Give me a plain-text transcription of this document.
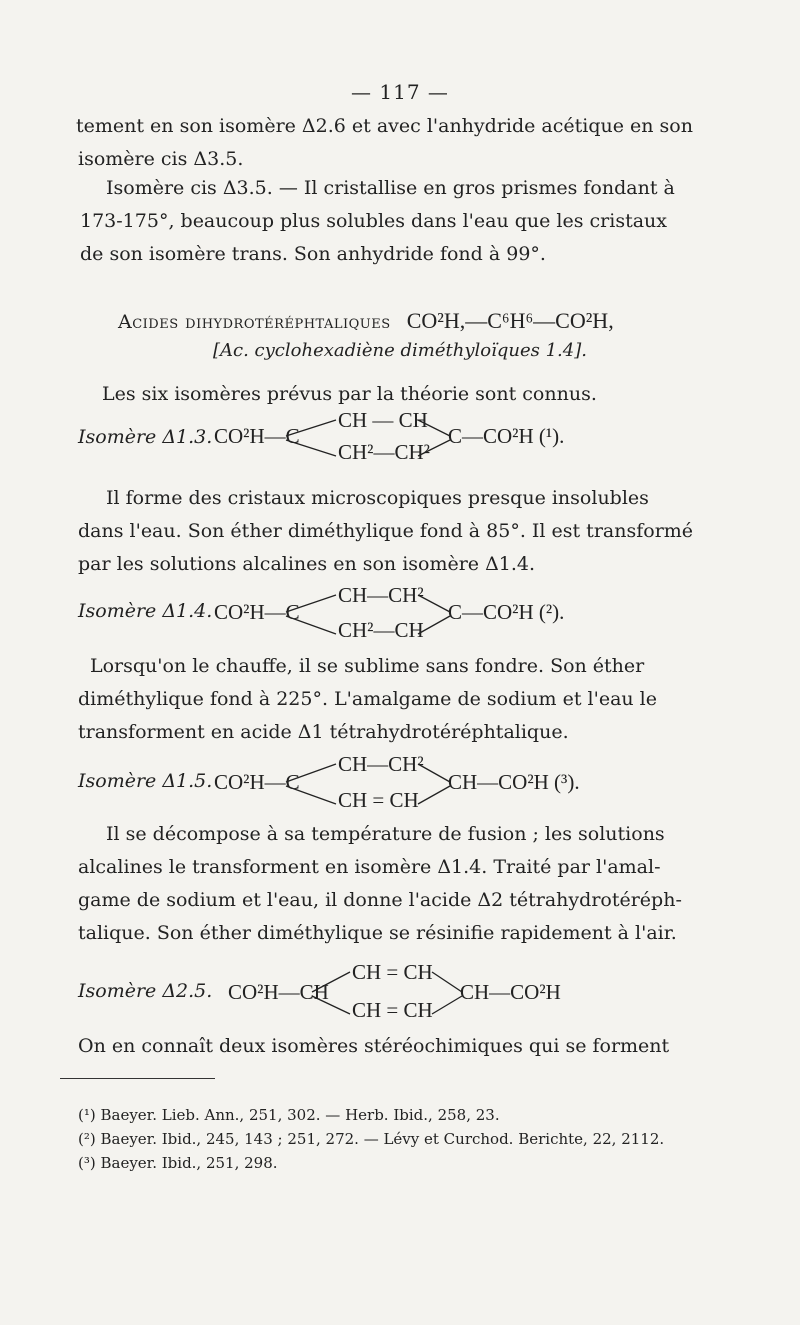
— 117 —
tement en son isomère Δ2.6 et avec l'anhydride acétique en son
isomère cis Δ3.5.
Isomère cis Δ3.5. — Il cristallise en gros prismes fondant à
173-175°, beaucoup plus solubles dans l'eau que les cristaux
de son isomère trans. Son anhydride fond à 99°.
Acides dihydrotéréphtaliques CO²H,—C⁶H⁶—CO²H,
[Ac. cyclohexadiène diméthyloïques 1.4].
Les six isomères prévus par la théorie sont connus.
Isomère Δ1.3. CO²H—C
CH — CH
CH²—CH²
C—CO²H (¹).
Il forme des cristaux microscopiques presque insolubles
dans l'eau. Son éther diméthylique fond à 85°. Il est transformé
par les solutions alcalines en son isomère Δ1.4.
Isomère Δ1.4. CO²H—C
CH—CH²
CH²—CH
C—CO²H (²).
Lorsqu'on le chauffe, il se sublime sans fondre. Son éther
diméthylique fond à 225°. L'amalgame de sodium et l'eau le
transforment en acide Δ1 tétrahydrotéréphtalique.
Isomère Δ1.5. CO²H—C
CH—CH²
CH = CH
CH—CO²H (³).
Il se décompose à sa température de fusion ; les solutions
alcalines le transforment en isomère Δ1.4. Traité par l'amal-
game de sodium et l'eau, il donne l'acide Δ2 tétrahydrotéréph-
talique. Son éther diméthylique se résinifie rapidement à l'air.
Isomère Δ2.5. CO²H—CH
CH = CH
CH = CH
CH—CO²H
On en connaît deux isomères stéréochimiques qui se forment
(¹) Baeyer. Lieb. Ann., 251, 302. — Herb. Ibid., 258, 23.
(²) Baeyer. Ibid., 245, 143 ; 251, 272. — Lévy et Curchod. Berichte, 22, 2112.
(³) Baeyer. Ibid., 251, 298.
